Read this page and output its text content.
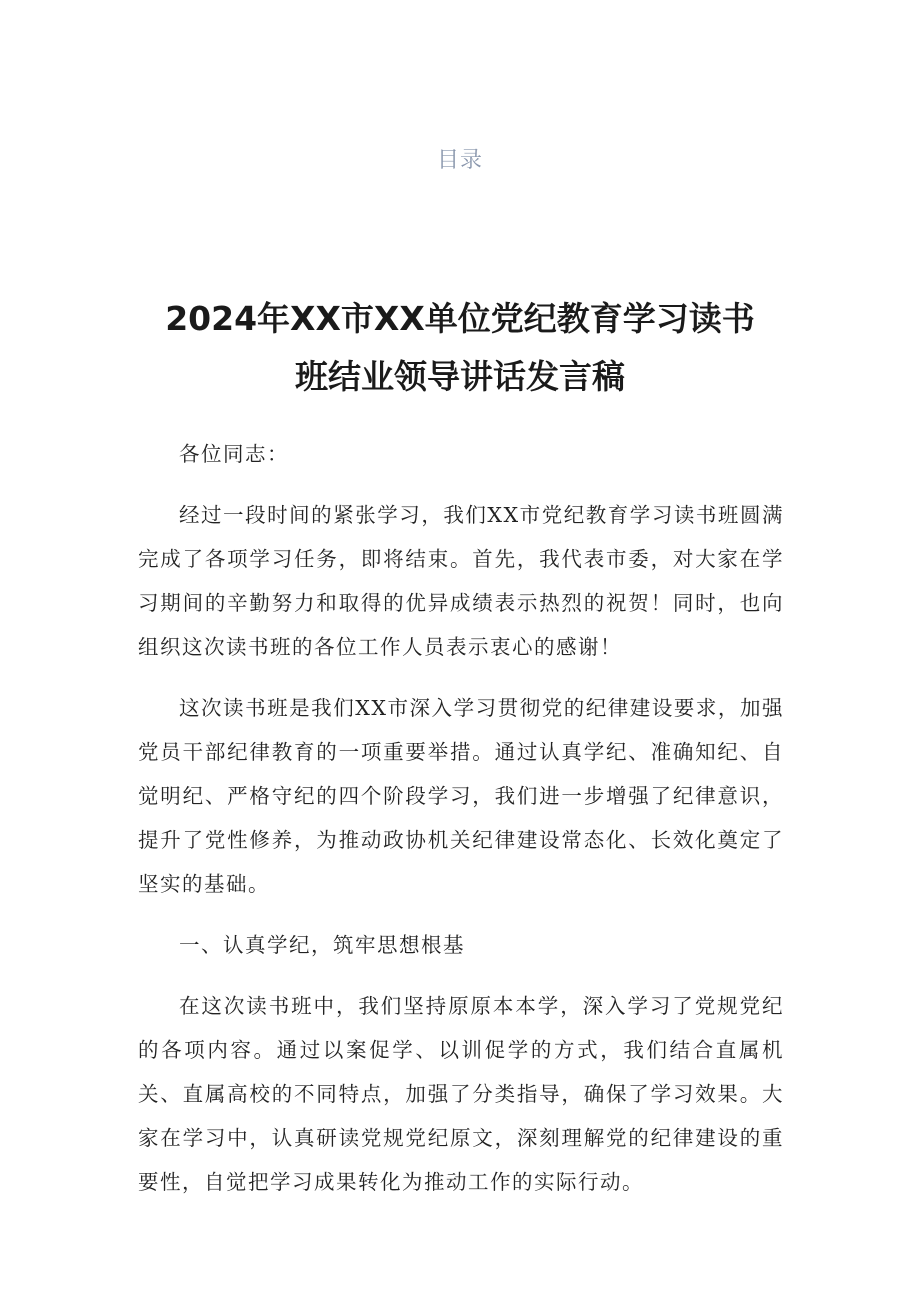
目录
2024年XX市XX单位党纪教育学习读书
班结业领导讲话发言稿

各位同志：

经过一段时间的紧张学习，我们XX市党纪教育学习读书班圆满完成了各项学习任务，即将结束。首先，我代表市委，对大家在学习期间的辛勤努力和取得的优异成绩表示热烈的祝贺！同时，也向组织这次读书班的各位工作人员表示衷心的感谢！

这次读书班是我们XX市深入学习贯彻党的纪律建设要求，加强党员干部纪律教育的一项重要举措。通过认真学纪、准确知纪、自觉明纪、严格守纪的四个阶段学习，我们进一步增强了纪律意识，提升了党性修养，为推动政协机关纪律建设常态化、长效化奠定了坚实的基础。

一、认真学纪，筑牢思想根基

在这次读书班中，我们坚持原原本本学，深入学习了党规党纪的各项内容。通过以案促学、以训促学的方式，我们结合直属机关、直属高校的不同特点，加强了分类指导，确保了学习效果。大家在学习中，认真研读党规党纪原文，深刻理解党的纪律建设的重要性，自觉把学习成果转化为推动工作的实际行动。
